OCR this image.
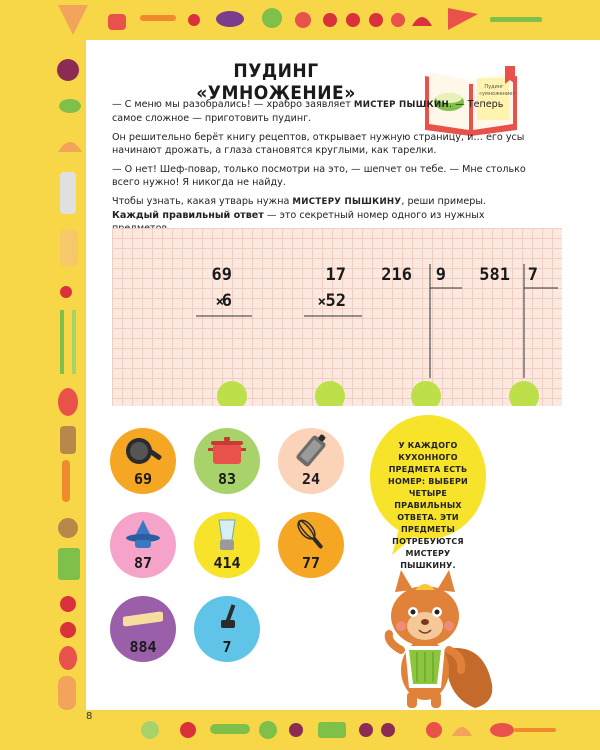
ПУДИНГ «УМНОЖЕНИЕ»	Пудинг «умножение»

— С меню мы разобрались! — храбро заявляет МИСТЕР ПЫШКИН. — Теперь самое сложное — приготовить пудинг.

Он решительно берёт книгу рецептов, открывает нужную страницу, и… его усы начинают дрожать, а глаза становятся круглыми, как тарелки.

— О нет! Шеф-повар, только посмотри на это, — шепчет он тебе. — Мне столько всего нужно! Я никогда не найду.

Чтобы узнать, какая утварь нужна МИСТЕРУ ПЫШКИНУ, реши примеры.

Каждый правильный ответ — это секретный номер одного из нужных

69
×
6
17
× 52
216 9 581 7
69	83	24
87	414	77
884	7
У КАЖДОГО КУХОННОГО ПРЕДМЕТА ЕСТЬ НОМЕР: ВЫБЕРИ ЧЕТЫРЕ ПРАВИЛЬНЫХ ОТВЕТА. ЭТИ ПРЕДМЕТЫ ПОТРЕБУЮТСЯ МИСТЕРУ ПЫШКИНУ.
8
